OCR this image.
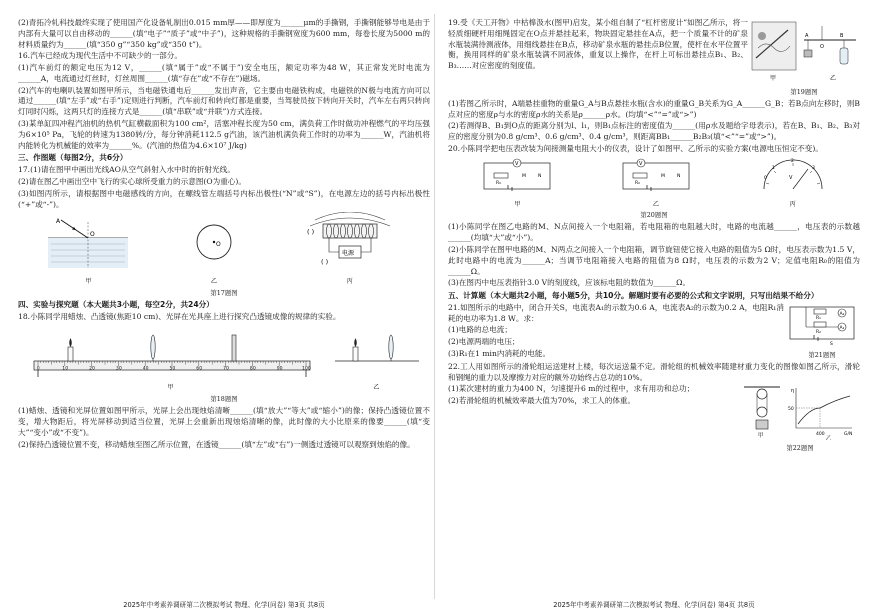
(2)青拓冷轧科技最终实现了使用国产化设备轧制出0.015 mm厚——即厚度为______μm的手撕钢，手撕钢能够导电是由于内部有大量可以自由移动的______(填“电子”“质子”或“中子”)，这种规格的手撕钢宽度为600 mm，每卷长度为5000 m的材料质量约为______(填“350 g”“350 kg”或“350 t”)。

16.汽车已经成为现代生活中不可缺少的一部分。

(1)汽车前灯的额定电压为12 V，______(填“属于”或“不属于”)安全电压，额定功率为48 W，其正常发光时电流为______A，电流通过灯丝时，灯丝周围______(填“存在”或“不存在”)磁场。

(2)汽车的电喇叭装置如图甲所示，当电磁铁通电后______发出声音，它主要由电磁铁构成，电磁铁的N极与电流方向可以通过______(填“左手”或“右手”)定则进行判断，汽车前灯和转向灯都是重要，当驾驶员按下转向开关时，汽车左右两只转向灯同时闪烁，这两只灯的连接方式是______(填“串联”或“并联”)方式连接。

(3)某单缸四冲程汽油机的热机气缸横截面积为100 cm²，活塞冲程长度为50 cm，满负荷工作时做功冲程燃气的平均压强为6×10⁵ Pa，飞轮的转速为1380转/分，每分钟消耗112.5 g汽油，该汽油机满负荷工作时的功率为______W，汽油机将内能转化为机械能的效率为______%。(汽油的热值为4.6×10⁷ J/kg)

三、作图题（每图2分，共6分）

17.(1)请在图甲中画出光线AO从空气斜射入水中时的折射光线。

(2)请在图乙中画出空中飞行的实心球所受重力的示意图(O为重心)。

(3)如图丙所示，请根据图中电磁感线的方向，在螺线管左端括号内标出极性(“N”或“S”)，在电源左边的括号内标出极性(“+”或“-”)。

A
O
甲
O
乙
( )
电源
( )
丙
第17题图
四、实验与探究题（本大题共3小题，每空2分，共24分）

18.小陈同学用蜡烛、凸透镜(焦距10 cm)、光屏在光具座上进行探究凸透镜成像的规律的实验。

0	10	20	30	40	50	60	70	80	90	100
甲	乙
第18题图

(1)蜡烛、透镜和光屏位置如图甲所示，光屏上会出现烛焰清晰______(填“放大”“等大”或“缩小”)的像；保持凸透镜位置不变，增大物距后，将光屏移动到适当位置，光屏上会重新出现烛焰清晰的像，此时像的大小比原来的像要______(填“变大”“变小”或“不变”)。

(2)保持凸透镜位置不变，移动蜡烛至图乙所示位置，在透镜______(填“左”或“右”)一侧透过透镜可以观察到烛焰的像。

2025年中考素养调研第二次模拟考试 物理、化学(问卷) 第3页 共8页

19.受《天工开物》中枯槔汲水(图甲)启发，某小组自制了“杠杆密度计”如图乙所示，将一轻质细硬杆用细绳固定在O点并悬挂起来，物块固定悬挂在A点，把一个质量不计的矿泉水瓶装满待测液体，用细线悬挂在B点，移动矿泉水瓶的悬挂点B位置，使杆在水平位置平衡，换用同样的矿泉水瓶装满不同液体，重复以上操作，在杆上可标出悬挂点B₁、B₂、B₃……对应密度的刻度值。

甲
O
A	B
乙
第19题图

(1)若图乙所示时，A端悬挂重物的重量G_A与B点悬挂水瓶(含水)的重量G_B关系为G_A______G_B；若B点向左移时，则B点对应的密度ρ与水的密度ρ水的关系是ρ______ρ水。(均填“<”“=”或“>”)

(2)若测得B、B₁到O点的距离分别为l、l₁，则B₁点标注的密度值为______(用ρ水及题给字母表示)，若在B、B₁、B₂、B₃对应的密度分别为0.8 g/cm³、0.6 g/cm³、0.4 g/cm³，则距离BB₁______B₂B₃(填“<”“=”或“>”)。

20.小陈同学把电压表改装为间接测量电阻大小的仪表，设计了如图甲、乙所示的实验方案(电源电压恒定不变)。

V
R₀
M	N
甲
V
R₀
M	N
乙
0
1
2
3
V
丙
第20题图

(1)小陈同学在图乙电路的M、N点间接入一个电阻箱，若电阻箱的电阻越大时，电路的电流越______，电压表的示数越______(均填“大”或“小”)。

(2)小陈同学在图甲电路的M、N两点之间接入一个电阻箱，调节旋钮使它接入电路的阻值为5 Ω时，电压表示数为1.5 V，此时电路中的电流为______A；当调节电阻箱接入电路的阻值为8 Ω时，电压表的示数为2 V；定值电阻R₀的阻值为______Ω。

(3)在图丙中电压表指针3.0 V的刻度线，应该标电阻的数值为______Ω。

五、计算题（本大题共2小题，每小题5分，共10分。解题时要有必要的公式和文字说明，只写出结果不给分）

21.如图所示的电路中，闭合开关S，电流表A₁的示数为0.6 A，电流表A₂的示数为0.2 A，电阻R₁消耗的电功率为1.8 W。求：

(1)电路的总电流；

(2)电源两端的电压；

(3)R₁在1 min内消耗的电能。

R₁
R₂
A₂
A₁
S
第21题图

22.工人用如图所示的滑轮组运送建材上楼，每次运送量不定。滑轮组的机械效率随建材重力变化的图像如图乙所示，滑轮和钢绳的重力以及摩擦力对应的额外功始终占总功的10%。

(1)某次建材的重力为400 N，匀速提升6 m的过程中，求有用功和总功；

(2)若滑轮组的机械效率最大值为70%，求工人的体重。

甲
η
G/N
400
50
乙
第22题图
2025年中考素养调研第二次模拟考试 物理、化学(问卷) 第4页 共8页
